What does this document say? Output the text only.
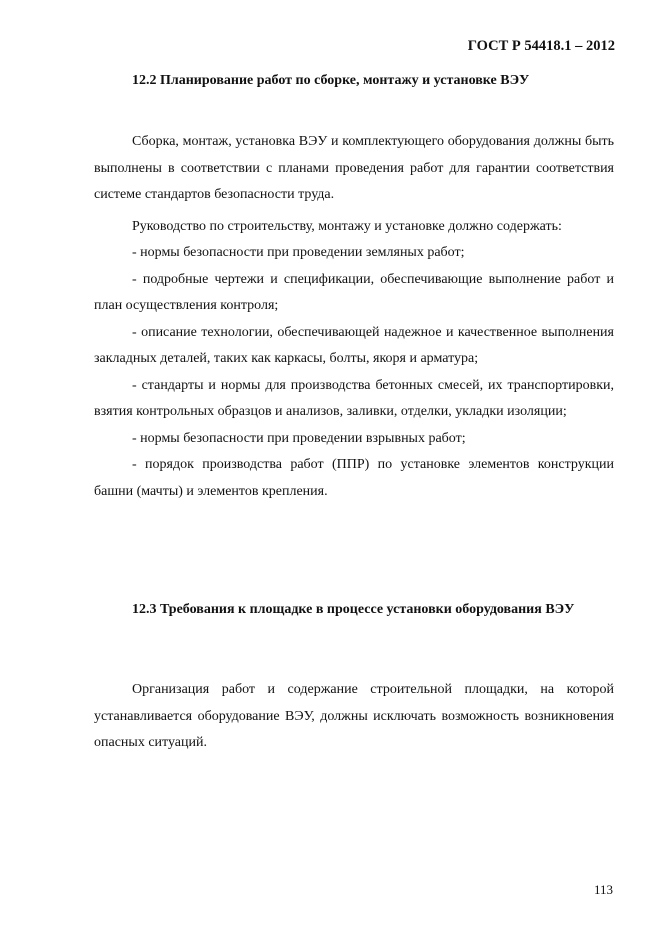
ГОСТ Р 54418.1 – 2012
12.2 Планирование работ по сборке, монтажу и установке ВЭУ

Сборка, монтаж, установка ВЭУ и комплектующего оборудования должны быть выполнены в соответствии с планами проведения работ для гарантии соответствия системе стандартов безопасности труда.

Руководство по строительству, монтажу и установке должно содержать:

- нормы безопасности при проведении земляных работ;

- подробные чертежи и спецификации, обеспечивающие выполнение работ и план осуществления контроля;

- описание технологии, обеспечивающей надежное и качественное выполнения закладных деталей, таких как каркасы, болты, якоря и арматура;

- стандарты и нормы для производства бетонных смесей, их транспортировки, взятия контрольных образцов и анализов, заливки, отделки, укладки изоляции;

- нормы безопасности при проведении взрывных работ;

- порядок производства работ (ППР) по установке элементов конструкции башни (мачты) и элементов крепления.

12.3 Требования к площадке в процессе установки оборудования ВЭУ

Организация работ и содержание строительной площадки, на которой устанавливается оборудование ВЭУ, должны исключать возможность возникновения опасных ситуаций.

113
